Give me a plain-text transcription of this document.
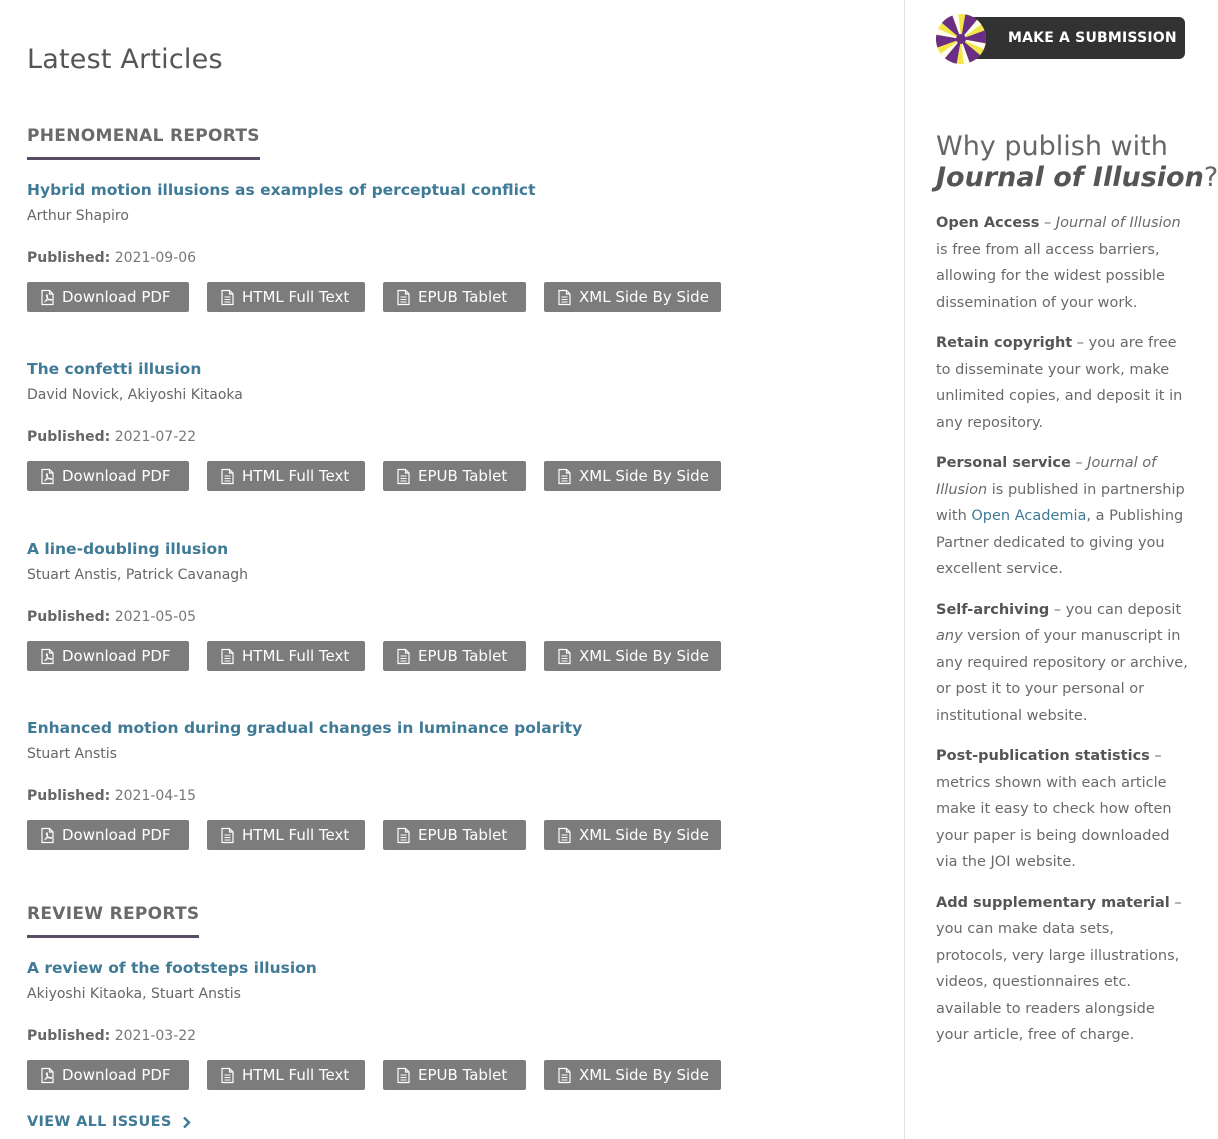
Latest Articles
PHENOMENAL REPORTS
Hybrid motion illusions as examples of perceptual conflict
Arthur Shapiro
Published: 2021-09-06
Download PDF	HTML Full Text	EPUB Tablet	XML Side By Side
The confetti illusion
David Novick, Akiyoshi Kitaoka
Published: 2021-07-22
Download PDF	HTML Full Text	EPUB Tablet	XML Side By Side
A line-doubling illusion
Stuart Anstis, Patrick Cavanagh
Published: 2021-05-05
Download PDF	HTML Full Text	EPUB Tablet	XML Side By Side
Enhanced motion during gradual changes in luminance polarity
Stuart Anstis
Published: 2021-04-15
Download PDF	HTML Full Text	EPUB Tablet	XML Side By Side
REVIEW REPORTS
A review of the footsteps illusion
Akiyoshi Kitaoka, Stuart Anstis
Published: 2021-03-22
Download PDF	HTML Full Text	EPUB Tablet	XML Side By Side
VIEW ALL ISSUES
MAKE A SUBMISSION
Why publish with
Journal of Illusion?

Open Access – Journal of Illusion is free from all access barriers, allowing for the widest possible dissemination of your work.

Retain copyright – you are free to disseminate your work, make unlimited copies, and deposit it in any repository.

Personal service – Journal of Illusion is published in partnership with Open Academia, a Publishing Partner dedicated to giving you excellent service.

Self-archiving – you can deposit any version of your manuscript in any required repository or archive, or post it to your personal or institutional website.

Post-publication statistics – metrics shown with each article make it easy to check how often your paper is being downloaded via the JOI website.

Add supplementary material – you can make data sets, protocols, very large illustrations, videos, questionnaires etc. available to readers alongside your article, free of charge.
